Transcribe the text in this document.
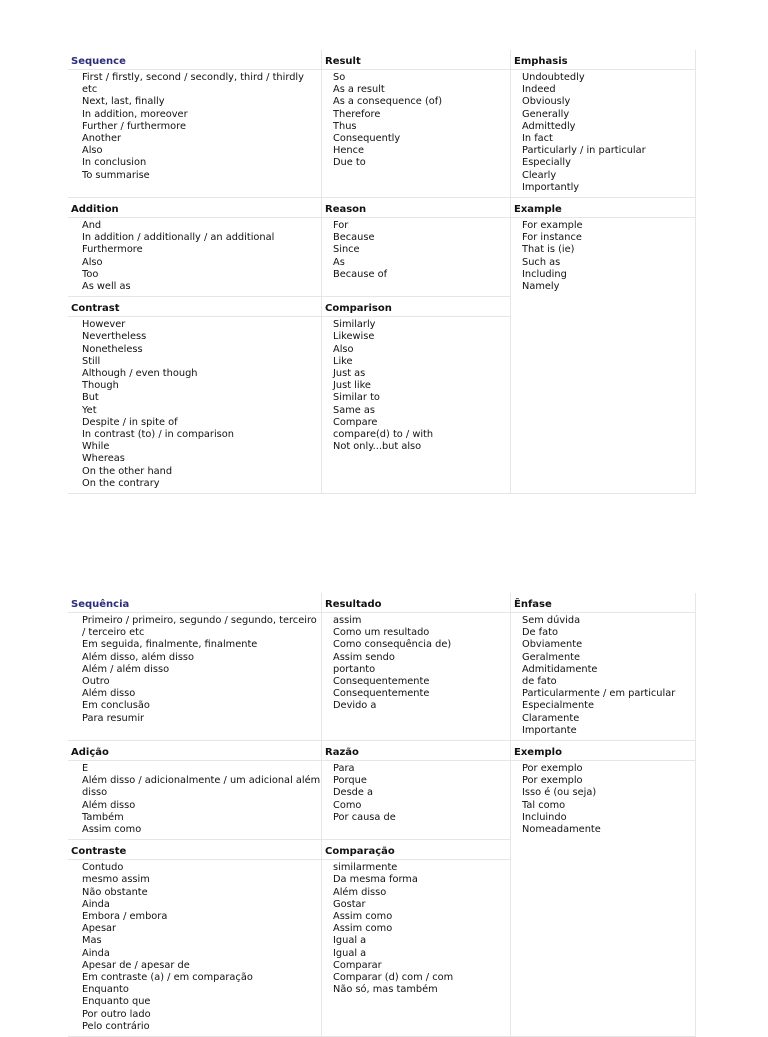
Sequence
First / firstly, second / secondly, third / thirdly etc
Next, last, finally
In addition, moreover
Further / furthermore
Another
Also
In conclusion
To summarise
Result
So
As a result
As a consequence (of)
Therefore
Thus
Consequently
Hence
Due to
Emphasis
Undoubtedly
Indeed
Obviously
Generally
Admittedly
In fact
Particularly / in particular
Especially
Clearly
Importantly
Addition
And
In addition / additionally / an additional
Furthermore
Also
Too
As well as
Reason
For
Because
Since
As
Because of
Example
For example
For instance
That is (ie)
Such as
Including
Namely
Contrast
However
Nevertheless
Nonetheless
Still
Although / even though
Though
But
Yet
Despite / in spite of
In contrast (to) / in comparison
While
Whereas
On the other hand
On the contrary
Comparison
Similarly
Likewise
Also
Like
Just as
Just like
Similar to
Same as
Compare
compare(d) to / with
Not only...but also
Sequência
Primeiro / primeiro, segundo / segundo, terceiro / terceiro etc
Em seguida, finalmente, finalmente
Além disso, além disso
Além / além disso
Outro
Além disso
Em conclusão
Para resumir
Resultado
assim
Como um resultado
Como consequência de)
Assim sendo
portanto
Consequentemente
Consequentemente
Devido a
Ênfase
Sem dúvida
De fato
Obviamente
Geralmente
Admitidamente
de fato
Particularmente / em particular
Especialmente
Claramente
Importante
Adição
E
Além disso / adicionalmente / um adicional além disso
Além disso
Também
Assim como
Razão
Para
Porque
Desde a
Como
Por causa de
Exemplo
Por exemplo
Por exemplo
Isso é (ou seja)
Tal como
Incluindo
Nomeadamente
Contraste
Contudo
mesmo assim
Não obstante
Ainda
Embora / embora
Apesar
Mas
Ainda
Apesar de / apesar de
Em contraste (a) / em comparação
Enquanto
Enquanto que
Por outro lado
Pelo contrário
Comparação
similarmente
Da mesma forma
Além disso
Gostar
Assim como
Assim como
Igual a
Igual a
Comparar
Comparar (d) com / com
Não só, mas também
